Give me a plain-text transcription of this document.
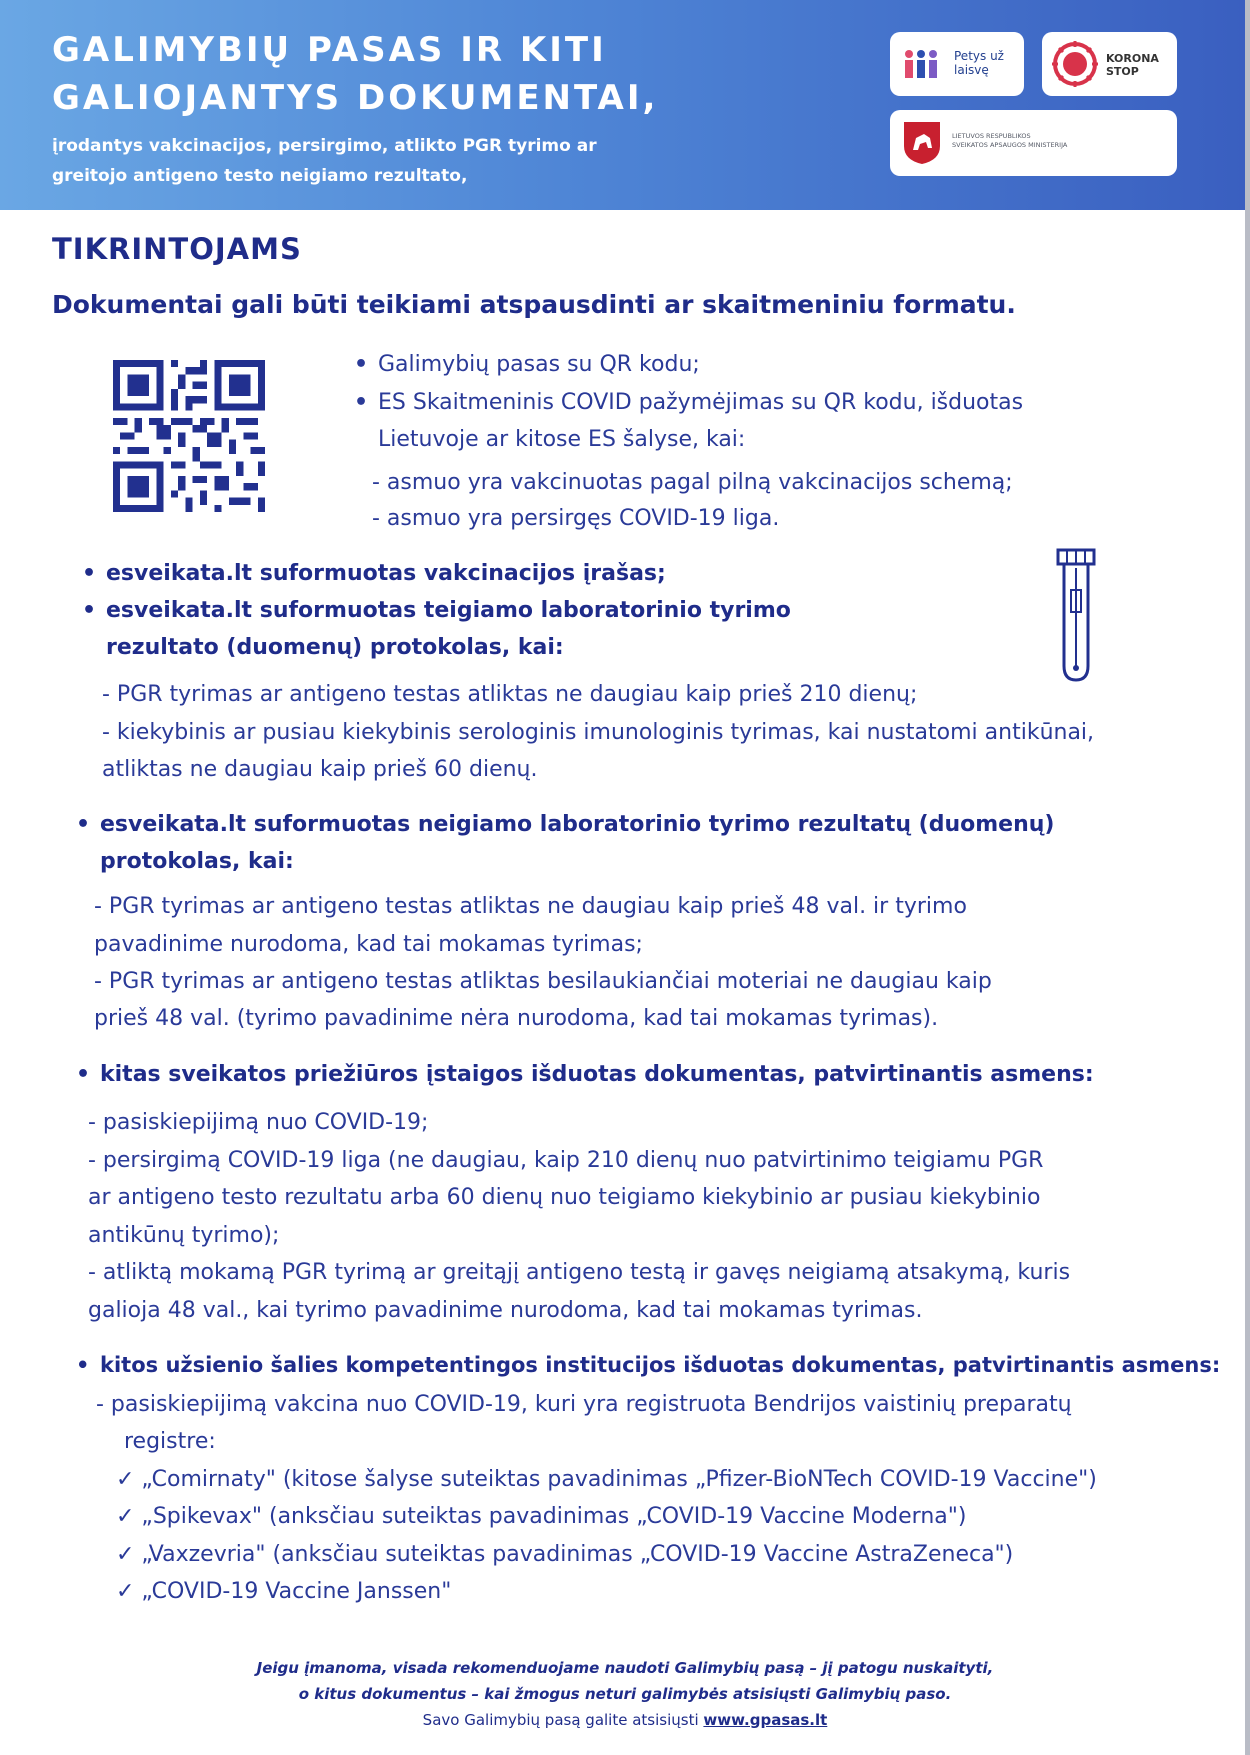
GALIMYBIŲ PASAS IR KITI
GALIOJANTYS DOKUMENTAI,
įrodantys vakcinacijos, persirgimo, atlikto PGR tyrimo ar
greitojo antigeno testo neigiamo rezultato,
Petys už
laisvę
KORONA
STOP
LIETUVOS RESPUBLIKOS
SVEIKATOS APSAUGOS MINISTERIJA
TIKRINTOJAMS
Dokumentai gali būti teikiami atspausdinti ar skaitmeniniu formatu.
• Galimybių pasas su QR kodu;
• ES Skaitmeninis COVID pažymėjimas su QR kodu, išduotas
Lietuvoje ar kitose ES šalyse, kai:
- asmuo yra vakcinuotas pagal pilną vakcinacijos schemą;
- asmuo yra persirgęs COVID-19 liga.
• esveikata.lt suformuotas vakcinacijos įrašas;
• esveikata.lt suformuotas teigiamo laboratorinio tyrimo
rezultato (duomenų) protokolas, kai:
- PGR tyrimas ar antigeno testas atliktas ne daugiau kaip prieš 210 dienų;
- kiekybinis ar pusiau kiekybinis serologinis imunologinis tyrimas, kai nustatomi antikūnai,
atliktas ne daugiau kaip prieš 60 dienų.
• esveikata.lt suformuotas neigiamo laboratorinio tyrimo rezultatų (duomenų)
protokolas, kai:
- PGR tyrimas ar antigeno testas atliktas ne daugiau kaip prieš 48 val. ir tyrimo
pavadinime nurodoma, kad tai mokamas tyrimas;
- PGR tyrimas ar antigeno testas atliktas besilaukiančiai moteriai ne daugiau kaip
prieš 48 val. (tyrimo pavadinime nėra nurodoma, kad tai mokamas tyrimas).
• kitas sveikatos priežiūros įstaigos išduotas dokumentas, patvirtinantis asmens:
- pasiskiepijimą nuo COVID-19;
- persirgimą COVID-19 liga (ne daugiau, kaip 210 dienų nuo patvirtinimo teigiamu PGR
ar antigeno testo rezultatu arba 60 dienų nuo teigiamo kiekybinio ar pusiau kiekybinio
antikūnų tyrimo);
- atliktą mokamą PGR tyrimą ar greitąjį antigeno testą ir gavęs neigiamą atsakymą, kuris
galioja 48 val., kai tyrimo pavadinime nurodoma, kad tai mokamas tyrimas.
• kitos užsienio šalies kompetentingos institucijos išduotas dokumentas, patvirtinantis asmens:
- pasiskiepijimą vakcina nuo COVID-19, kuri yra registruota Bendrijos vaistinių preparatų
registre:
✓ „Comirnaty" (kitose šalyse suteiktas pavadinimas „Pfizer-BioNTech COVID-19 Vaccine")
✓ „Spikevax" (anksčiau suteiktas pavadinimas „COVID-19 Vaccine Moderna")
✓ „Vaxzevria" (anksčiau suteiktas pavadinimas „COVID-19 Vaccine AstraZeneca")
✓ „COVID-19 Vaccine Janssen"
Jeigu įmanoma, visada rekomenduojame naudoti Galimybių pasą – jį patogu nuskaityti,
o kitus dokumentus – kai žmogus neturi galimybės atsisiųsti Galimybių paso.
Savo Galimybių pasą galite atsisiųsti www.gpasas.lt
